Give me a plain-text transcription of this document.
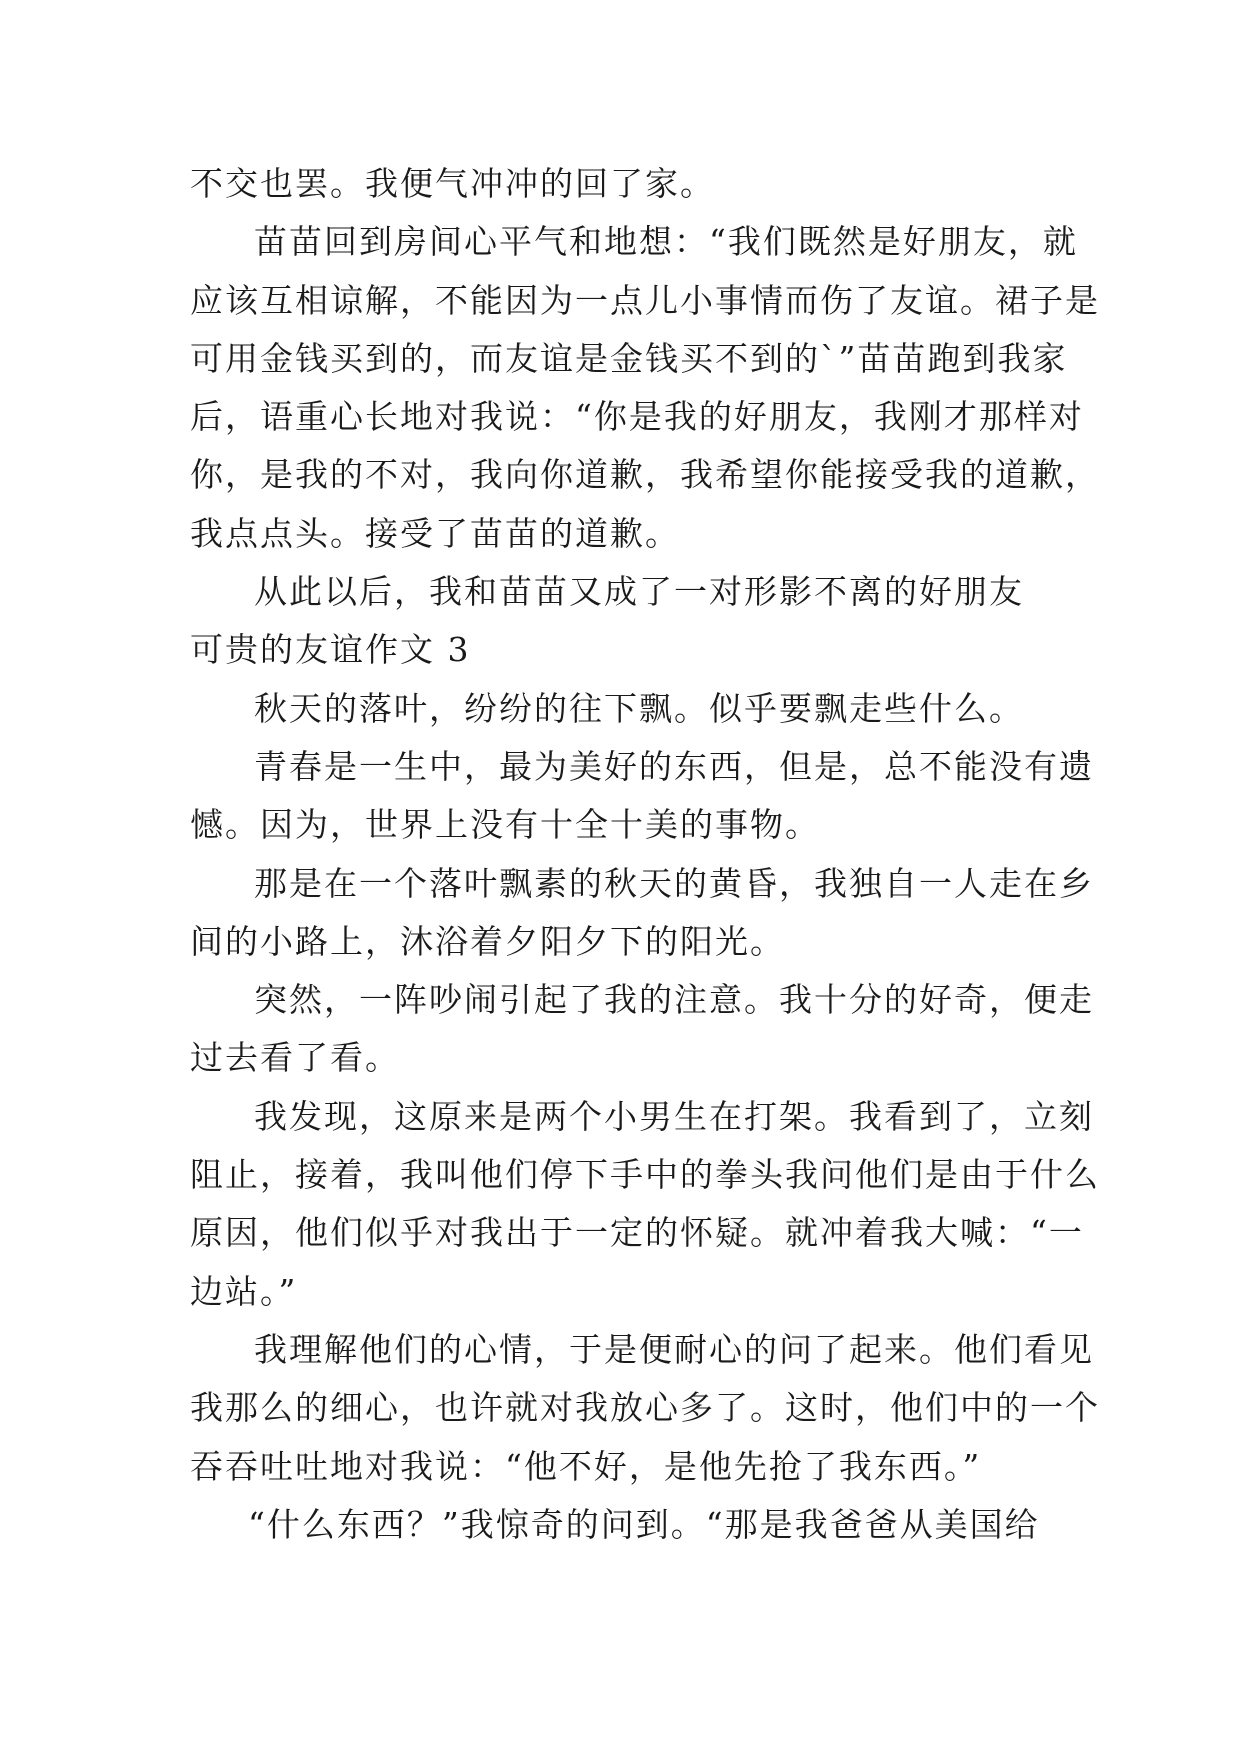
不交也罢。我便气冲冲的回了家。
苗苗回到房间心平气和地想：“我们既然是好朋友，就
应该互相谅解，不能因为一点儿小事情而伤了友谊。裙子是
可用金钱买到的，而友谊是金钱买不到的`”苗苗跑到我家
后，语重心长地对我说：“你是我的好朋友，我刚才那样对
你，是我的不对，我向你道歉，我希望你能接受我的道歉，
我点点头。接受了苗苗的道歉。
从此以后，我和苗苗又成了一对形影不离的好朋友
可贵的友谊作文 3
秋天的落叶，纷纷的往下飘。似乎要飘走些什么。
青春是一生中，最为美好的东西，但是，总不能没有遗
憾。因为，世界上没有十全十美的事物。
那是在一个落叶飘素的秋天的黄昏，我独自一人走在乡
间的小路上，沐浴着夕阳夕下的阳光。
突然，一阵吵闹引起了我的注意。我十分的好奇，便走
过去看了看。
我发现，这原来是两个小男生在打架。我看到了，立刻
阻止，接着，我叫他们停下手中的拳头我问他们是由于什么
原因，他们似乎对我出于一定的怀疑。就冲着我大喊：“一
边站。”
我理解他们的心情，于是便耐心的问了起来。他们看见
我那么的细心，也许就对我放心多了。这时，他们中的一个
吞吞吐吐地对我说：“他不好，是他先抢了我东西。”
“什么东西？”我惊奇的问到。“那是我爸爸从美国给
